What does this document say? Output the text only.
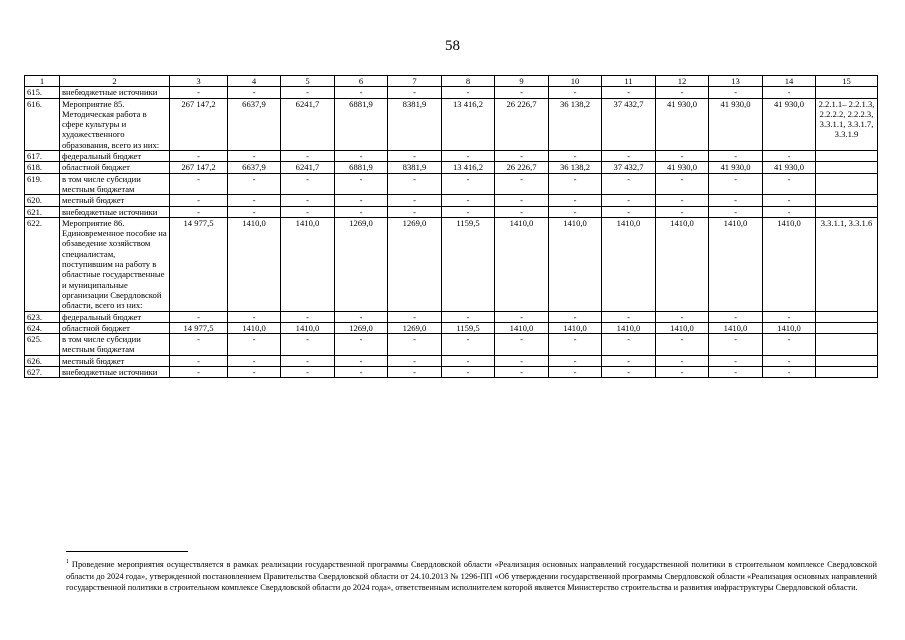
58
1	2	3	4	5	6	7	8	9	10	11	12	13	14	15
615.	внебюджетные источники	-	-	-	-	-	-	-	-	-	-	-	-	
616.	Мероприятие 85. Методическая работа в сфере культуры и художественного образования, всего из них:	267 147,2	6637,9	6241,7	6881,9	8381,9	13 416,2	26 226,7	36 138,2	37 432,7	41 930,0	41 930,0	41 930,0	2.2.1.1– 2.2.1.3, 2.2.2.2, 2.2.2.3, 3.3.1.1, 3.3.1.7, 3.3.1.9
617.	федеральный бюджет	-	-	-	-	-	-	-	-	-	-	-	-	
618.	областной бюджет	267 147,2	6637,9	6241,7	6881,9	8381,9	13 416,2	26 226,7	36 138,2	37 432,7	41 930,0	41 930,0	41 930,0	
619.	в том числе субсидии местным бюджетам	-	-	-	-	-	-	-	-	-	-	-	-	
620.	местный бюджет	-	-	-	-	-	-	-	-	-	-	-	-	
621.	внебюджетные источники	-	-	-	-	-	-	-	-	-	-	-	-	
622.	Мероприятие 86. Единовременное пособие на обзаведение хозяйством специалистам, поступившим на работу в областные государственные и муниципальные организации Свердловской области, всего из них:	14 977,5	1410,0	1410,0	1269,0	1269,0	1159,5	1410,0	1410,0	1410,0	1410,0	1410,0	1410,0	3.3.1.1, 3.3.1.6
623.	федеральный бюджет	-	-	-	-	-	-	-	-	-	-	-	-	
624.	областной бюджет	14 977,5	1410,0	1410,0	1269,0	1269,0	1159,5	1410,0	1410,0	1410,0	1410,0	1410,0	1410,0	
625.	в том числе субсидии местным бюджетам	-	-	-	-	-	-	-	-	-	-	-	-	
626.	местный бюджет	-	-	-	-	-	-	-	-	-	-	-	-	
627.	внебюджетные источники	-	-	-	-	-	-	-	-	-	-	-	-	
$^1$ Проведение мероприятия осуществляется в рамках реализации государственной программы Свердловской области «Реализация основных направлений государственной политики в строительном комплексе Свердловской области до 2024 года», утвержденной постановлением Правительства Свердловской области от 24.10.2013 № 1296-ПП «Об утверждении государственной программы Свердловской области «Реализация основных направлений государственной политики в строительном комплексе Свердловской области до 2024 года», ответственным исполнителем которой является Министерство строительства и развития инфраструктуры Свердловской области.
